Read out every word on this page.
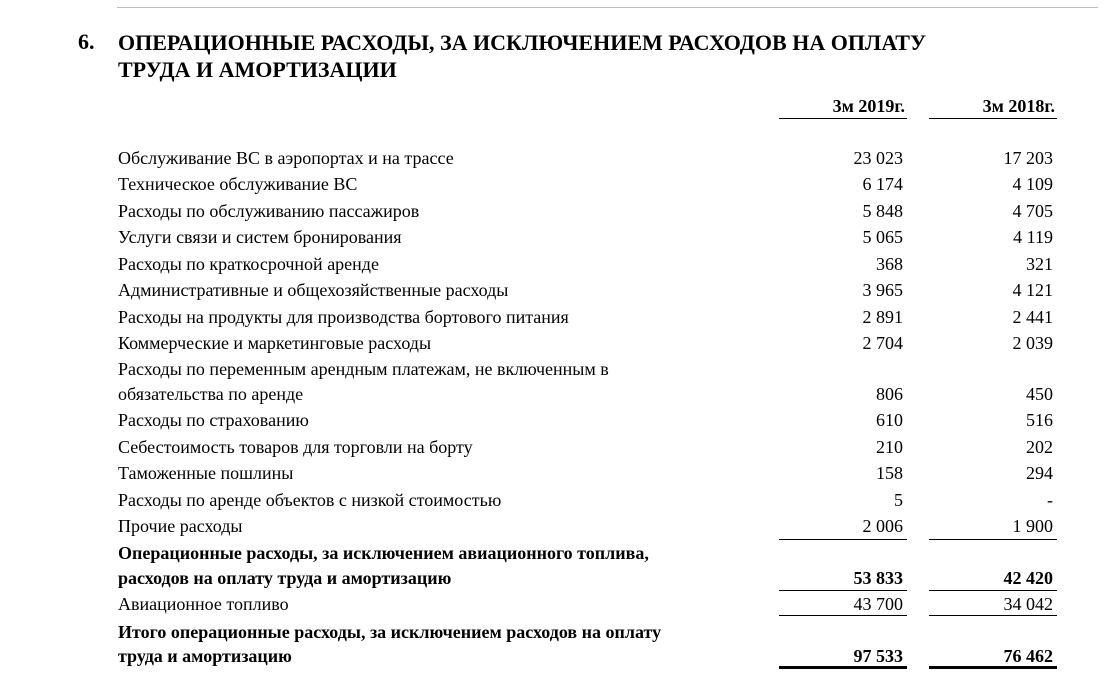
6. ОПЕРАЦИОННЫЕ РАСХОДЫ, ЗА ИСКЛЮЧЕНИЕМ РАСХОДОВ НА ОПЛАТУ
ТРУДА И АМОРТИЗАЦИИ
3м 2019г.	3м 2018г.
Обслуживание ВС в аэропортах и на трассе	23 023	17 203
Техническое обслуживание ВС	6 174	4 109
Расходы по обслуживанию пассажиров	5 848	4 705
Услуги связи и систем бронирования	5 065	4 119
Расходы по краткосрочной аренде	368	321
Административные и общехозяйственные расходы	3 965	4 121
Расходы на продукты для производства бортового питания	2 891	2 441
Коммерческие и маркетинговые расходы	2 704	2 039
Расходы по переменным арендным платежам, не включенным в
обязательства по аренде	806	450
Расходы по страхованию	610	516
Себестоимость товаров для торговли на борту	210	202
Таможенные пошлины	158	294
Расходы по аренде объектов с низкой стоимостью	5	-
Прочие расходы	2 006	1 900
Операционные расходы, за исключением авиационного топлива,
расходов на оплату труда и амортизацию	53 833	42 420
Авиационное топливо	43 700	34 042
Итого операционные расходы, за исключением расходов на оплату
труда и амортизацию	97 533	76 462
